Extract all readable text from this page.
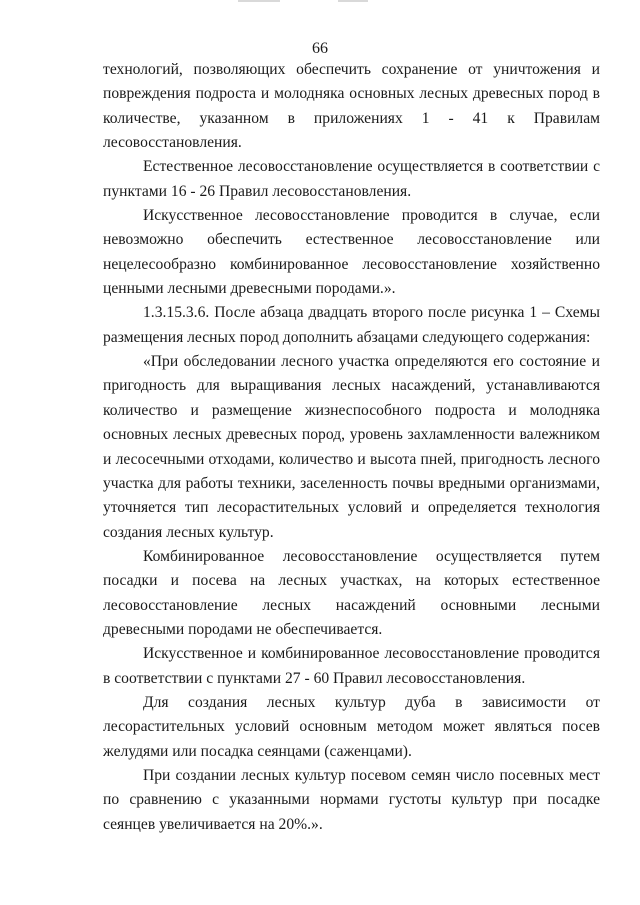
66

технологий, позволяющих обеспечить сохранение от уничтожения и повреждения подроста и молодняка основных лесных древесных пород в количестве, указанном в приложениях 1 - 41 к Правилам лесовосстановления.

Естественное лесовосстановление осуществляется в соответствии с пунктами 16 - 26 Правил лесовосстановления.

Искусственное лесовосстановление проводится в случае, если невозможно обеспечить естественное лесовосстановление или нецелесообразно комбинированное лесовосстановление хозяйственно ценными лесными древесными породами.».

1.3.15.3.6. После абзаца двадцать второго после рисунка 1 – Схемы размещения лесных пород дополнить абзацами следующего содержания:

«При обследовании лесного участка определяются его состояние и пригодность для выращивания лесных насаждений, устанавливаются количество и размещение жизнеспособного подроста и молодняка основных лесных древесных пород, уровень захламленности валежником и лесосечными отходами, количество и высота пней, пригодность лесного участка для работы техники, заселенность почвы вредными организмами, уточняется тип лесорастительных условий и определяется технология создания лесных культур.

Комбинированное лесовосстановление осуществляется путем посадки и посева на лесных участках, на которых естественное лесовосстановление лесных насаждений основными лесными древесными породами не обеспечивается.

Искусственное и комбинированное лесовосстановление проводится в соответствии с пунктами 27 - 60 Правил лесовосстановления.

Для создания лесных культур дуба в зависимости от лесорастительных условий основным методом может являться посев желудями или посадка сеянцами (саженцами).

При создании лесных культур посевом семян число посевных мест по сравнению с указанными нормами густоты культур при посадке сеянцев увеличивается на 20%.».
